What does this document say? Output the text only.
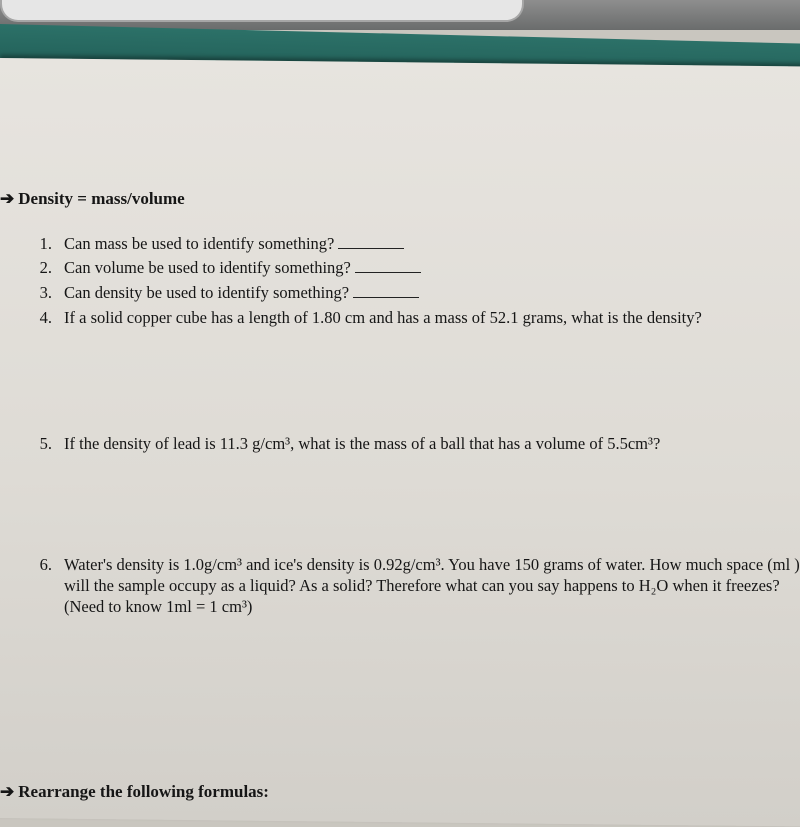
➔ Density = mass/volume
1. Can mass be used to identify something?
2. Can volume be used to identify something?
3. Can density be used to identify something?
4. If a solid copper cube has a length of 1.80 cm and has a mass of 52.1 grams, what is the density?
5. If the density of lead is 11.3 g/cm³, what is the mass of a ball that has a volume of 5.5cm³?
6. Water's density is 1.0g/cm³ and ice's density is 0.92g/cm³. You have 150 grams of water. How much space (ml ) will the sample occupy as a liquid? As a solid? Therefore what can you say happens to H₂O when it freezes? (Need to know 1ml = 1 cm³)
➔ Rearrange the following formulas:
